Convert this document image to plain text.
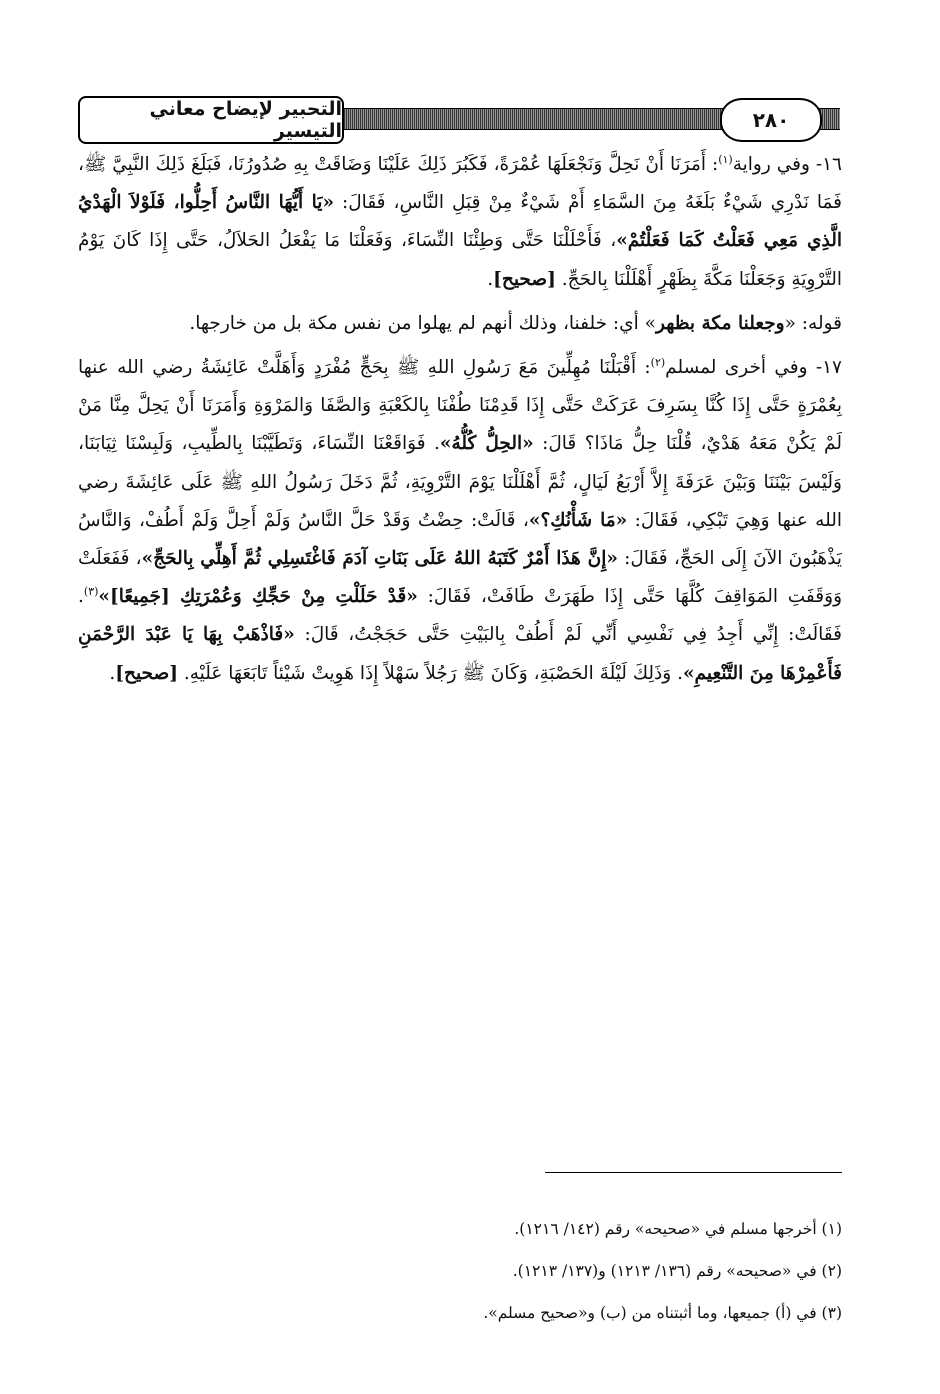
التحبير لإيضاح معاني التيسير	٢٨٠

١٦- وفي رواية$^{(١)}$: أَمَرَنَا أَنْ نَحِلَّ وَنَجْعَلَهَا عُمْرَةً، فَكَبُرَ ذَلِكَ عَلَيْنَا وَضَاقَتْ بِهِ صُدُورُنَا، فَبَلَغَ ذَلِكَ النَّبِيَّ ﷺ، فَمَا نَدْرِي شَيْءٌ بَلَغَهُ مِنَ السَّمَاءِ أَمْ شَيْءٌ مِنْ قِبَلِ النَّاسِ، فَقَالَ: «يَا أَيُّهَا النَّاسُ أَحِلُّوا، فَلَوْلاَ الْهَدْيُ الَّذِي مَعِي فَعَلْتُ كَمَا فَعَلْتُمْ»، فَأَحْلَلْنَا حَتَّى وَطِئْنَا النِّسَاءَ، وَفَعَلْنَا مَا يَفْعَلُ الحَلاَلُ، حَتَّى إِذَا كَانَ يَوْمُ التَّرْوِيَةِ وَجَعَلْنَا مَكَّةَ بِظَهْرٍ أَهْلَلْنَا بِالحَجِّ. [صحيح].

قوله: «وجعلنا مكة بظهر» أي: خلفنا، وذلك أنهم لم يهلوا من نفس مكة بل من خارجها.

١٧- وفي أخرى لمسلم$^{(٢)}$: أَقْبَلْنَا مُهِلِّينَ مَعَ رَسُولِ اللهِ ﷺ بِحَجٍّ مُفْرَدٍ وَأَهَلَّتْ عَائِشَةُ رضي الله عنها بِعُمْرَةٍ حَتَّى إِذَا كُنَّا بِسَرِفَ عَرَكَتْ حَتَّى إِذَا قَدِمْنَا طُفْنَا بِالكَعْبَةِ وَالصَّفَا وَالمَرْوَةِ وَأَمَرَنَا أَنْ يَحِلَّ مِنَّا مَنْ لَمْ يَكُنْ مَعَهُ هَدْيٌ، قُلْنَا حِلُّ مَاذَا؟ قَالَ: «الحِلُّ كُلُّهُ». فَوَاقَعْنَا النِّسَاءَ، وَتَطَيَّبْنَا بِالطِّيبِ، وَلَبِسْنَا ثِيَابَنَا، وَلَيْسَ بَيْنَنَا وَبَيْنَ عَرَفَةَ إِلاَّ أَرْبَعُ لَيَالٍ، ثُمَّ أَهْلَلْنَا يَوْمَ التَّرْوِيَةِ، ثُمَّ دَخَلَ رَسُولُ اللهِ ﷺ عَلَى عَائِشَةَ رضي الله عنها وَهِيَ تَبْكِي، فَقَالَ: «مَا شَأْنُكِ؟»، قَالَتْ: حِضْتُ وَقَدْ حَلَّ النَّاسُ وَلَمْ أَحِلَّ وَلَمْ أَطُفْ، وَالنَّاسُ يَذْهَبُونَ الآنَ إِلَى الحَجِّ، فَقَالَ: «إِنَّ هَذَا أَمْرٌ كَتَبَهُ اللهُ عَلَى بَنَاتِ آدَمَ فَاغْتَسِلِي ثُمَّ أَهِلِّي بِالحَجِّ»، فَفَعَلَتْ وَوَقَفَتِ المَوَاقِفَ كُلَّهَا حَتَّى إِذَا طَهَرَتْ طَافَتْ، فَقَالَ: «قَدْ حَلَلْتِ مِنْ حَجِّكِ وَعُمْرَتِكِ [جَمِيعًا]»$^{(٣)}$. فَقَالَتْ: إِنِّي أَجِدُ فِي نَفْسِي أَنِّي لَمْ أَطُفْ بِالبَيْتِ حَتَّى حَجَجْتُ، قَالَ: «فَاذْهَبْ بِهَا يَا عَبْدَ الرَّحْمَنِ فَأَعْمِرْهَا مِنَ التَّنْعِيمِ». وَذَلِكَ لَيْلَةَ الحَصْبَةِ، وَكَانَ ﷺ رَجُلاً سَهْلاً إِذَا هَوِيتْ شَيْئاً تَابَعَهَا عَلَيْهِ. [صحيح].

(١) أخرجها مسلم في «صحيحه» رقم (١٤٢/ ١٢١٦).
(٢) في «صحيحه» رقم (١٣٦/ ١٢١٣) و(١٣٧/ ١٢١٣).
(٣) في (أ) جميعها، وما أثبتناه من (ب) و«صحيح مسلم».
